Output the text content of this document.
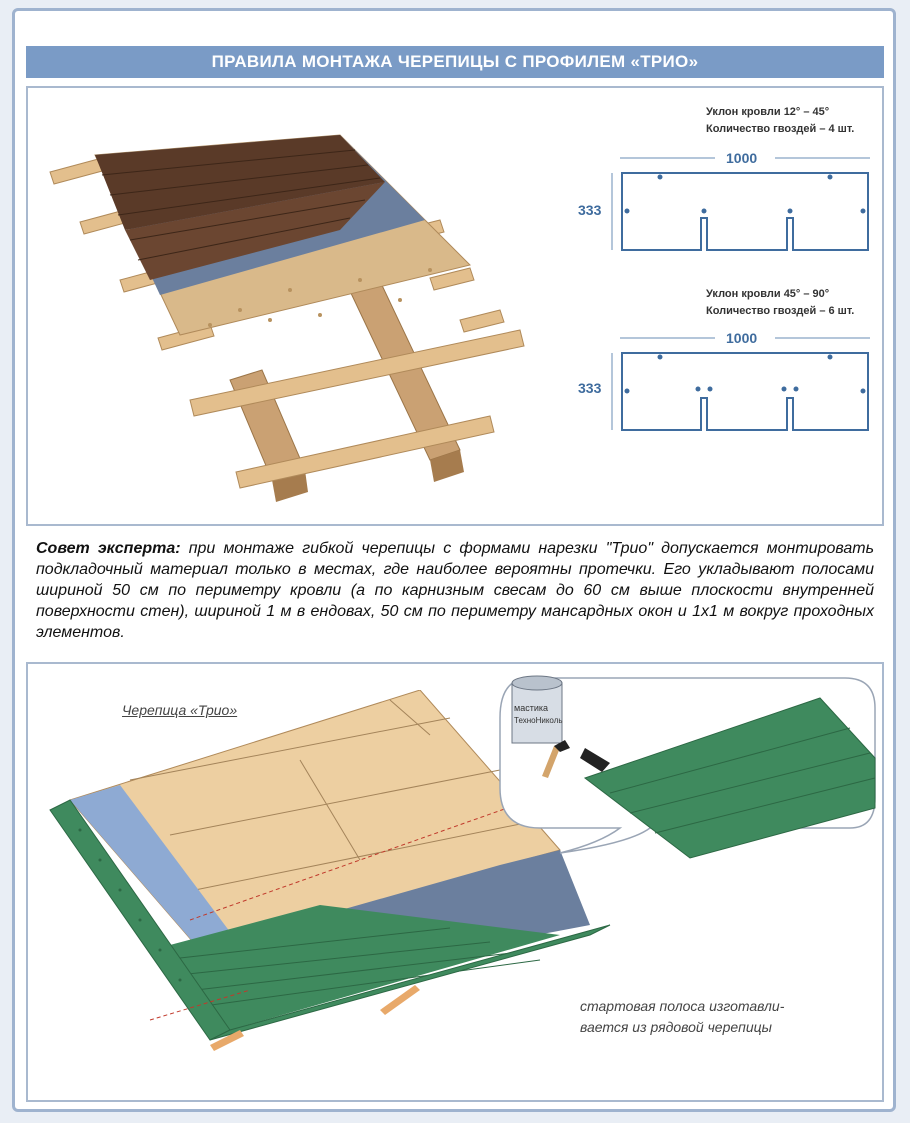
ПРАВИЛА МОНТАЖА ЧЕРЕПИЦЫ С ПРОФИЛЕМ «ТРИО»
Уклон кровли 12° – 45°
Количество гвоздей – 4 шт.
1000
333
Уклон кровли 45° – 90°
Количество гвоздей – 6 шт.
1000
333
Совет эксперта: при монтаже гибкой черепицы с формами нарезки "Трио" допускается монтировать подкладочный материал только в местах, где наиболее вероятны протечки. Его укладывают полосами шириной 50 см по периметру кровли (а по карнизным свесам до 60 см выше плоскости внутренней поверхности стен), шириной 1 м в ендовах, 50 см по периметру мансардных окон и 1х1 м вокруг проходных элементов.
Черепица «Трио»	мастика
ТехноНиколь
стартовая полоса изготавли-
вается из рядовой черепицы
